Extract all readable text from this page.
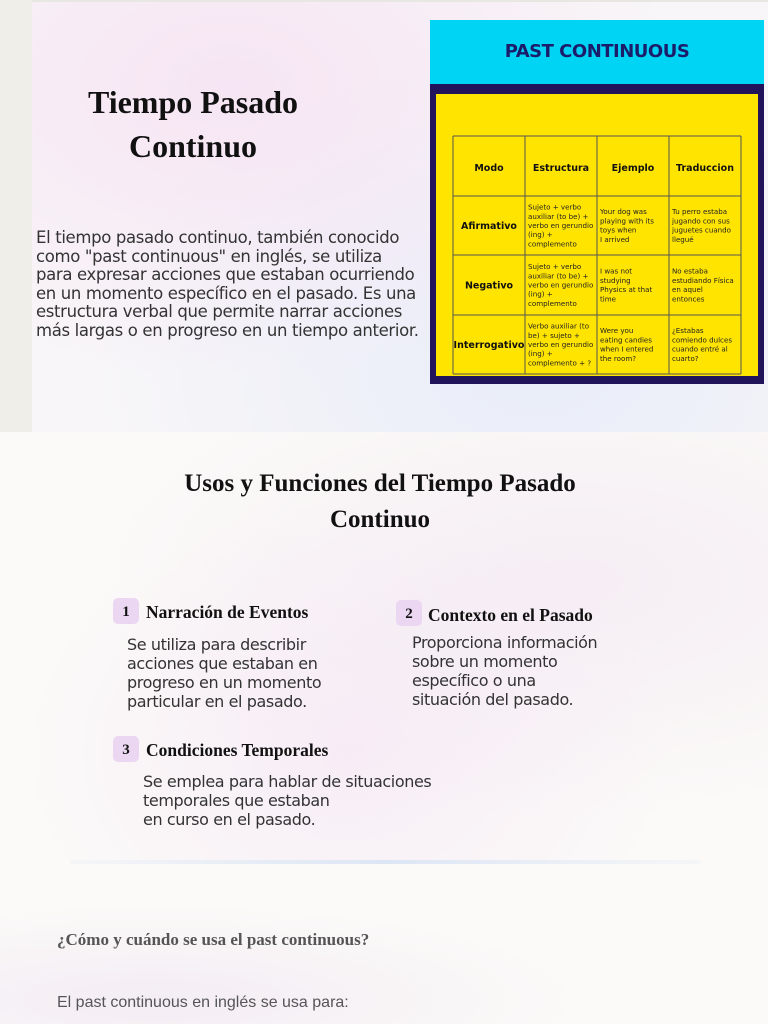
Tiempo Pasado
Continuo
El tiempo pasado continuo, también conocido como "past continuous" en inglés, se utiliza para expresar acciones que estaban ocurriendo en un momento específico en el pasado. Es una estructura verbal que permite narrar acciones más largas o en progreso en un tiempo anterior.
PAST CONTINUOUS
Modo	Estructura Ejemplo Traduccion
Afirmativo
Sujeto + verbo
auxiliar (to be) +
verbo en gerundio
(ing) +
complemento
Your dog was
playing with its
toys when
I arrived
Tu perro estaba
jugando con sus
juguetes cuando
llegué
Negativo
Sujeto + verbo
auxiliar (to be) +
verbo en gerundio
(ing) +
complemento
I was not
studying
Physics at that
time
No estaba
estudiando Física
en aquel
entonces
Interrogativo
Verbo auxiliar (to
be) + sujeto +
verbo en gerundio
(ing) +
complemento + ?
Were you
eating candies
when I entered
the room?
¿Estabas
comiendo dulces
cuando entré al
cuarto?
Usos y Funciones del Tiempo Pasado
Continuo
1 Narración de Eventos
Se utiliza para describir
acciones que estaban en
progreso en un momento
particular en el pasado.
2 Contexto en el Pasado
Proporciona información
sobre un momento
específico o una
situación del pasado.
3 Condiciones Temporales
Se emplea para hablar de situaciones
temporales que estaban
en curso en el pasado.
¿Cómo y cuándo se usa el past continuous?
El past continuous en inglés se usa para:
